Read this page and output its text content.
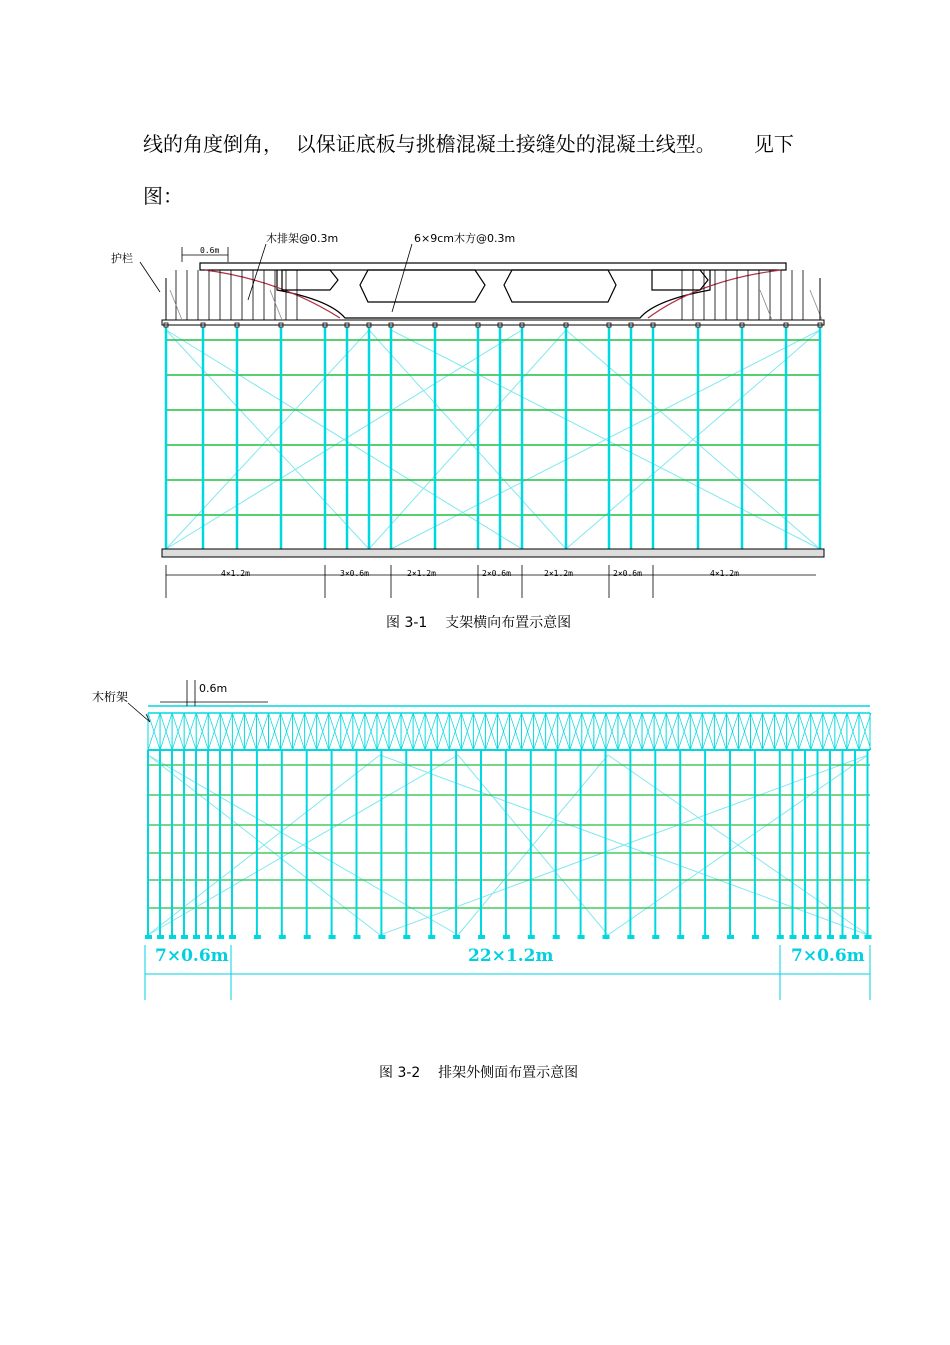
线的角度倒角，  以保证底板与挑檐混凝土接缝处的混凝土线型。      见下
图：
0.6m
护栏
木排架@0.3m	6×9cm木方@0.3m
4×1.2m	3×0.6m	2×1.2m	2×0.6m	2×1.2m	2×0.6m	4×1.2m
图 3-1    支架横向布置示意图
木桁架
0.6m
7×0.6m	22×1.2m	7×0.6m
图 3-2    排架外侧面布置示意图
